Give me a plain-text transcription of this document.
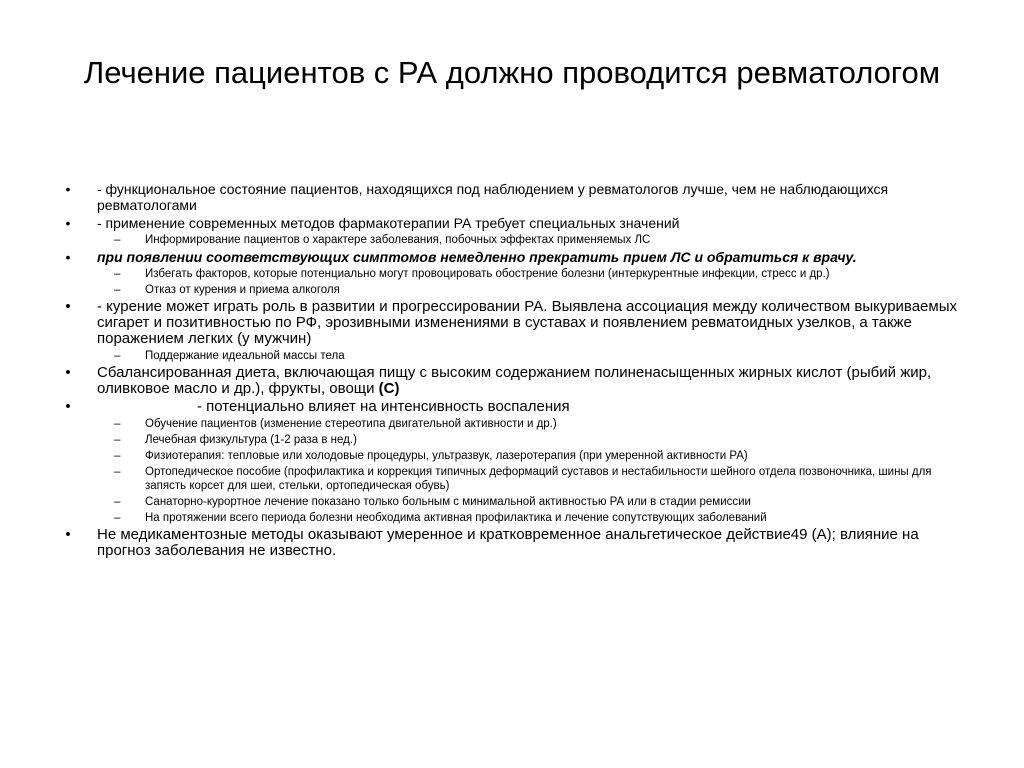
Лечение пациентов с РА должно проводится ревматологом
• - функциональное состояние пациентов, находящихся под наблюдением у ревматологов лучше, чем не наблюдающихся ревматологами
• - применение современных методов фармакотерапии РА требует специальных значений
– Информирование пациентов о характере заболевания, побочных эффектах применяемых ЛС
• при появлении соответствующих симптомов немедленно прекратить прием ЛС и обратиться к врачу.
– Избегать факторов, которые потенциально могут провоцировать обострение болезни (интеркурентные инфекции, стресс и др.)
– Отказ от курения и приема алкоголя
• - курение может играть роль в развитии и прогрессировании РА. Выявлена ассоциация между количеством выкуриваемых сигарет и позитивностью по РФ, эрозивными изменениями в суставах и появлением ревматоидных узелков, а также поражением легких (у мужчин)
– Поддержание идеальной массы тела
• Сбалансированная диета, включающая пищу с высоким содержанием полиненасыщенных жирных кислот (рыбий жир, оливковое масло и др.), фрукты, овощи (С)
•	- потенциально влияет на интенсивность воспаления
– Обучение пациентов (изменение стереотипа двигательной активности и др.)
– Лечебная физкультура (1-2 раза в нед.)
– Физиотерапия: тепловые или холодовые процедуры, ультразвук, лазеротерапия (при умеренной активности РА)
– Ортопедическое пособие (профилактика и коррекция типичных деформаций суставов и нестабильности шейного отдела позвоночника, шины для запясть корсет для шеи, стельки, ортопедическая обувь)
– Санаторно-курортное лечение показано только больным с минимальной активностью РА или в стадии ремиссии
– На протяжении всего периода болезни необходима активная профилактика и лечение сопутствующих заболеваний
• Не медикаментозные методы оказывают умеренное и кратковременное анальгетическое действие49 (А); влияние на прогноз заболевания не известно.
